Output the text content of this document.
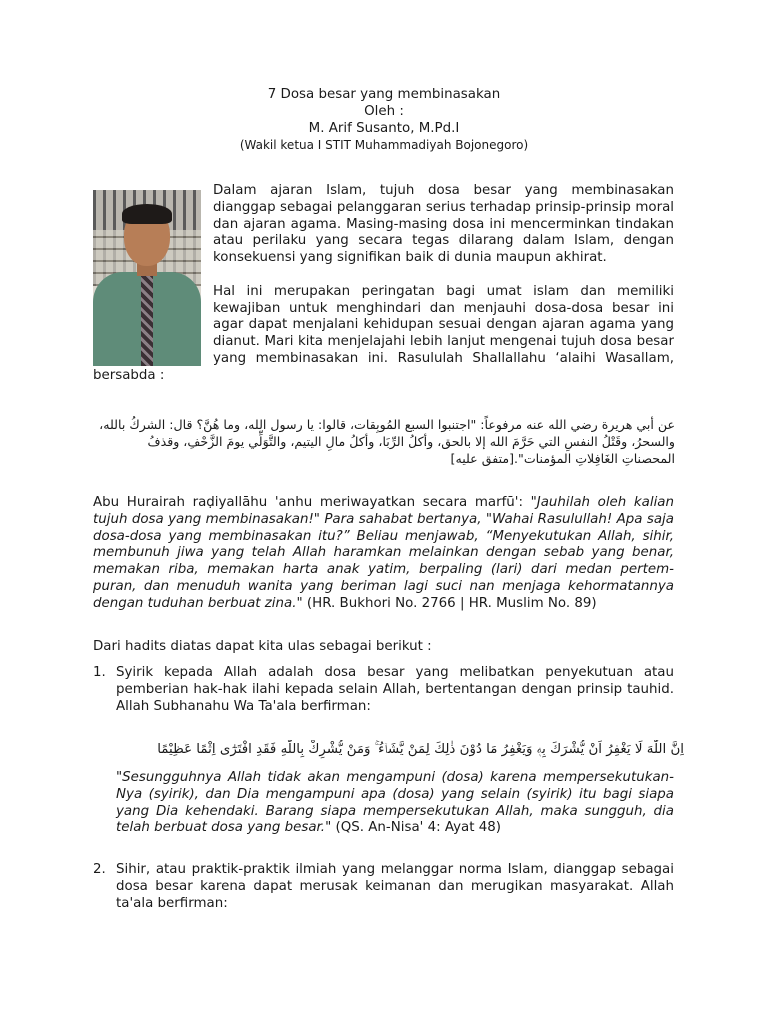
7 Dosa besar yang membinasakan
Oleh :
M. Arif Susanto, M.Pd.I
(Wakil ketua I STIT Muhammadiyah Bojonegoro)

Dalam ajaran Islam, tujuh dosa besar yang membinasakan dianggap sebagai pelanggaran serius terhadap prinsip-prinsip moral dan ajaran agama. Masing-masing dosa ini mencerminkan tindakan atau perilaku yang secara tegas dilarang dalam Islam, dengan konsekuensi yang signifikan baik di dunia maupun akhirat.

Hal ini merupakan peringatan bagi umat islam dan memiliki kewajiban untuk menghindari dan menjauhi dosa-dosa besar ini agar dapat menjalani kehidupan sesuai dengan ajaran agama yang dianut. Mari kita menjelajahi lebih lanjut mengenai tujuh dosa besar yang membinasakan ini. Rasululah Shallallahu ‘alaihi Wasallam, bersabda :

عن أبي هريرة رضي الله عنه مرفوعاً: "اجتنبوا السبع المُوبِقات، قالوا: يا رسول الله، وما هُنَّ؟ قال: الشركُ بالله، والسحرُ، وقَتْلُ النفسِ التي حَرَّمَ الله إلا بالحق، وأكلُ الرِّبَا، وأكلُ مالِ اليتيم، والتَّوَلِّي يومَ الزَّحْفِ، وقذفُ المحصناتِ الغَافِلاتِ المؤمنات".[متفق عليه]

Abu Hurairah raḍiyallāhu 'anhu meriwayatkan secara marfū': "Jauhilah oleh kalian tujuh dosa yang membinasakan!" Para sahabat bertanya, "Wahai Rasulullah! Apa saja dosa-dosa yang membinasakan itu?” Beliau menjawab, “Menyekutukan Allah, sihir, membunuh jiwa yang telah Allah haramkan melainkan dengan sebab yang benar, memakan riba, memakan harta anak yatim, berpaling (lari) dari medan pertem-puran, dan menuduh wanita yang beriman lagi suci nan menjaga kehormatannya dengan tuduhan berbuat zina." (HR. Bukhori No. 2766 | HR. Muslim No. 89)

Dari hadits diatas dapat kita ulas sebagai berikut :
1. Syirik kepada Allah adalah dosa besar yang melibatkan penyekutuan atau pemberian hak-hak ilahi kepada selain Allah, bertentangan dengan prinsip tauhid. Allah Subhanahu Wa Ta'ala berfirman:

اِنَّ اللّٰهَ لَا يَغْفِرُ اَنْ يُّشْرَكَ بِهٖ وَيَغْفِرُ مَا دُوْنَ ذٰلِكَ لِمَنْ يَّشَاۤءُ ۚ وَمَنْ يُّشْرِكْ بِاللّٰهِ فَقَدِ افْتَرٰٓى اِثْمًا عَظِيْمًا

"Sesungguhnya Allah tidak akan mengampuni (dosa) karena mempersekutukan-Nya (syirik), dan Dia mengampuni apa (dosa) yang selain (syirik) itu bagi siapa yang Dia kehendaki. Barang siapa mempersekutukan Allah, maka sungguh, dia telah berbuat dosa yang besar." (QS. An-Nisa' 4: Ayat 48)

2. Sihir, atau praktik-praktik ilmiah yang melanggar norma Islam, dianggap sebagai dosa besar karena dapat merusak keimanan dan merugikan masyarakat. Allah ta'ala berfirman:
